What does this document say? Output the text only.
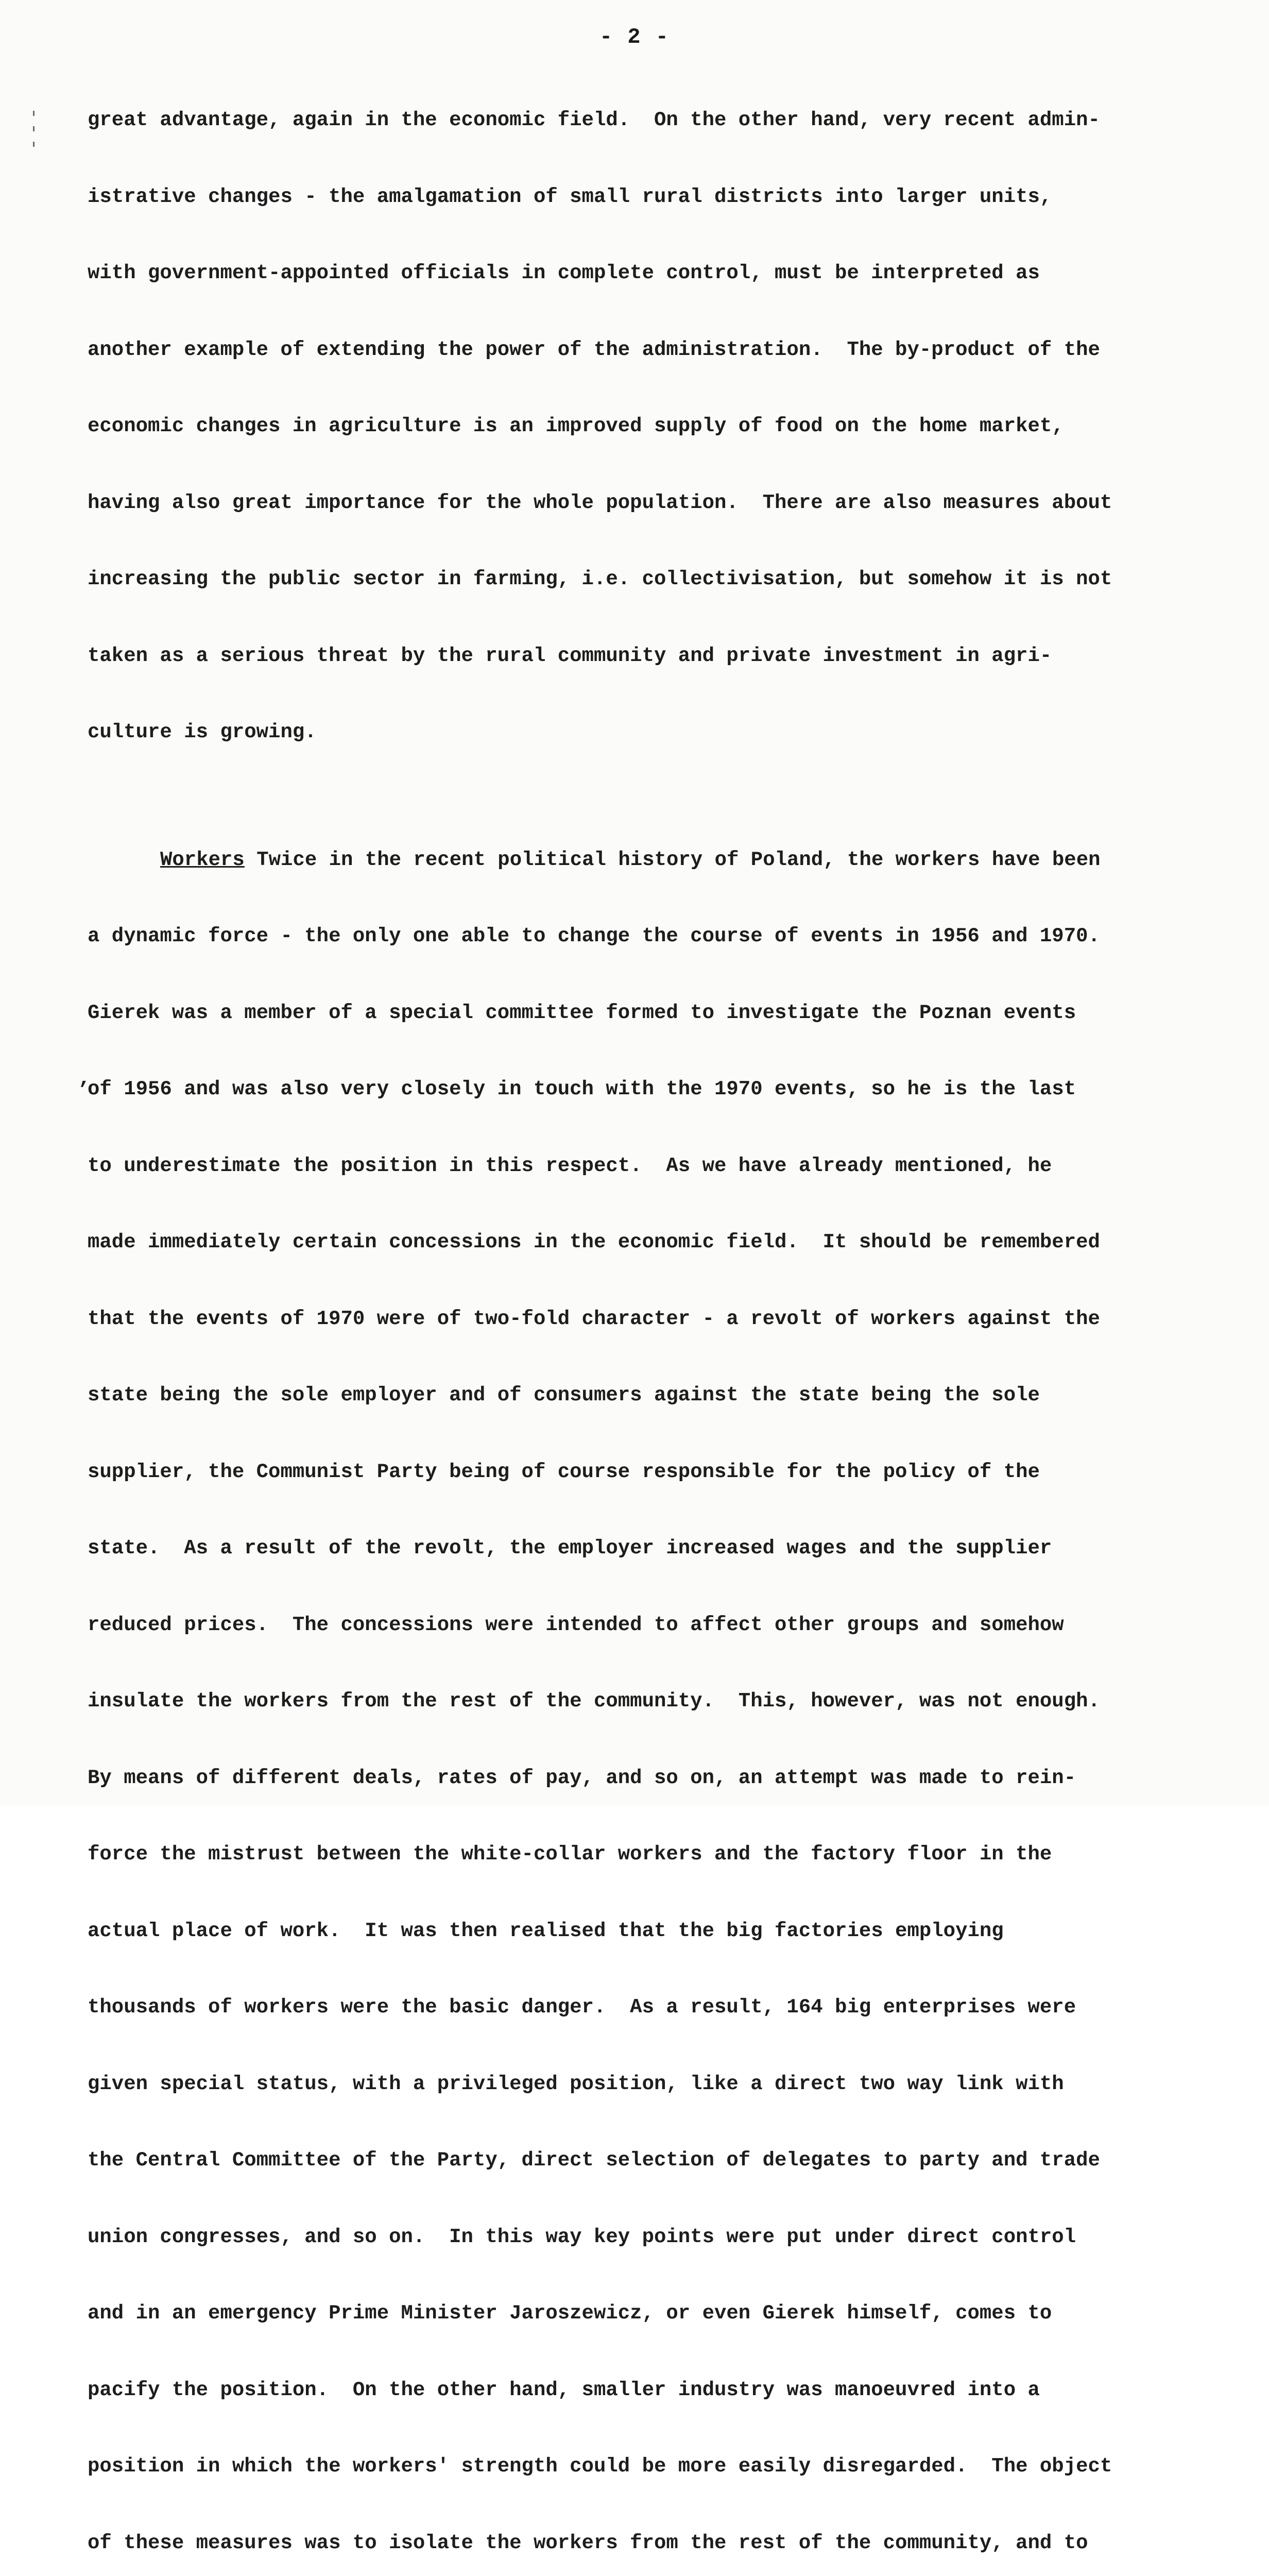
- 2 -
’

great advantage, again in the economic field.  On the other hand, very recent admin-

istrative changes - the amalgamation of small rural districts into larger units,

with government-appointed officials in complete control, must be interpreted as

another example of extending the power of the administration.  The by-product of the

economic changes in agriculture is an improved supply of food on the home market,

having also great importance for the whole population.  There are also measures about

increasing the public sector in farming, i.e. collectivisation, but somehow it is not

taken as a serious threat by the rural community and private investment in agri-

culture is growing.

Workers Twice in the recent political history of Poland, the workers have been

a dynamic force - the only one able to change the course of events in 1956 and 1970.

Gierek was a member of a special committee formed to investigate the Poznan events

of 1956 and was also very closely in touch with the 1970 events, so he is the last

to underestimate the position in this respect.  As we have already mentioned, he

made immediately certain concessions in the economic field.  It should be remembered

that the events of 1970 were of two-fold character - a revolt of workers against the

state being the sole employer and of consumers against the state being the sole

supplier, the Communist Party being of course responsible for the policy of the

state.  As a result of the revolt, the employer increased wages and the supplier

reduced prices.  The concessions were intended to affect other groups and somehow

insulate the workers from the rest of the community.  This, however, was not enough.

By means of different deals, rates of pay, and so on, an attempt was made to rein-

force the mistrust between the white-collar workers and the factory floor in the

actual place of work.  It was then realised that the big factories employing

thousands of workers were the basic danger.  As a result, 164 big enterprises were

given special status, with a privileged position, like a direct two way link with

the Central Committee of the Party, direct selection of delegates to party and trade

union congresses, and so on.  In this way key points were put under direct control

and in an emergency Prime Minister Jaroszewicz, or even Gierek himself, comes to

pacify the position.  On the other hand, smaller industry was manoeuvred into a

position in which the workers' strength could be more easily disregarded.  The object

of these measures was to isolate the workers from the rest of the community, and to
